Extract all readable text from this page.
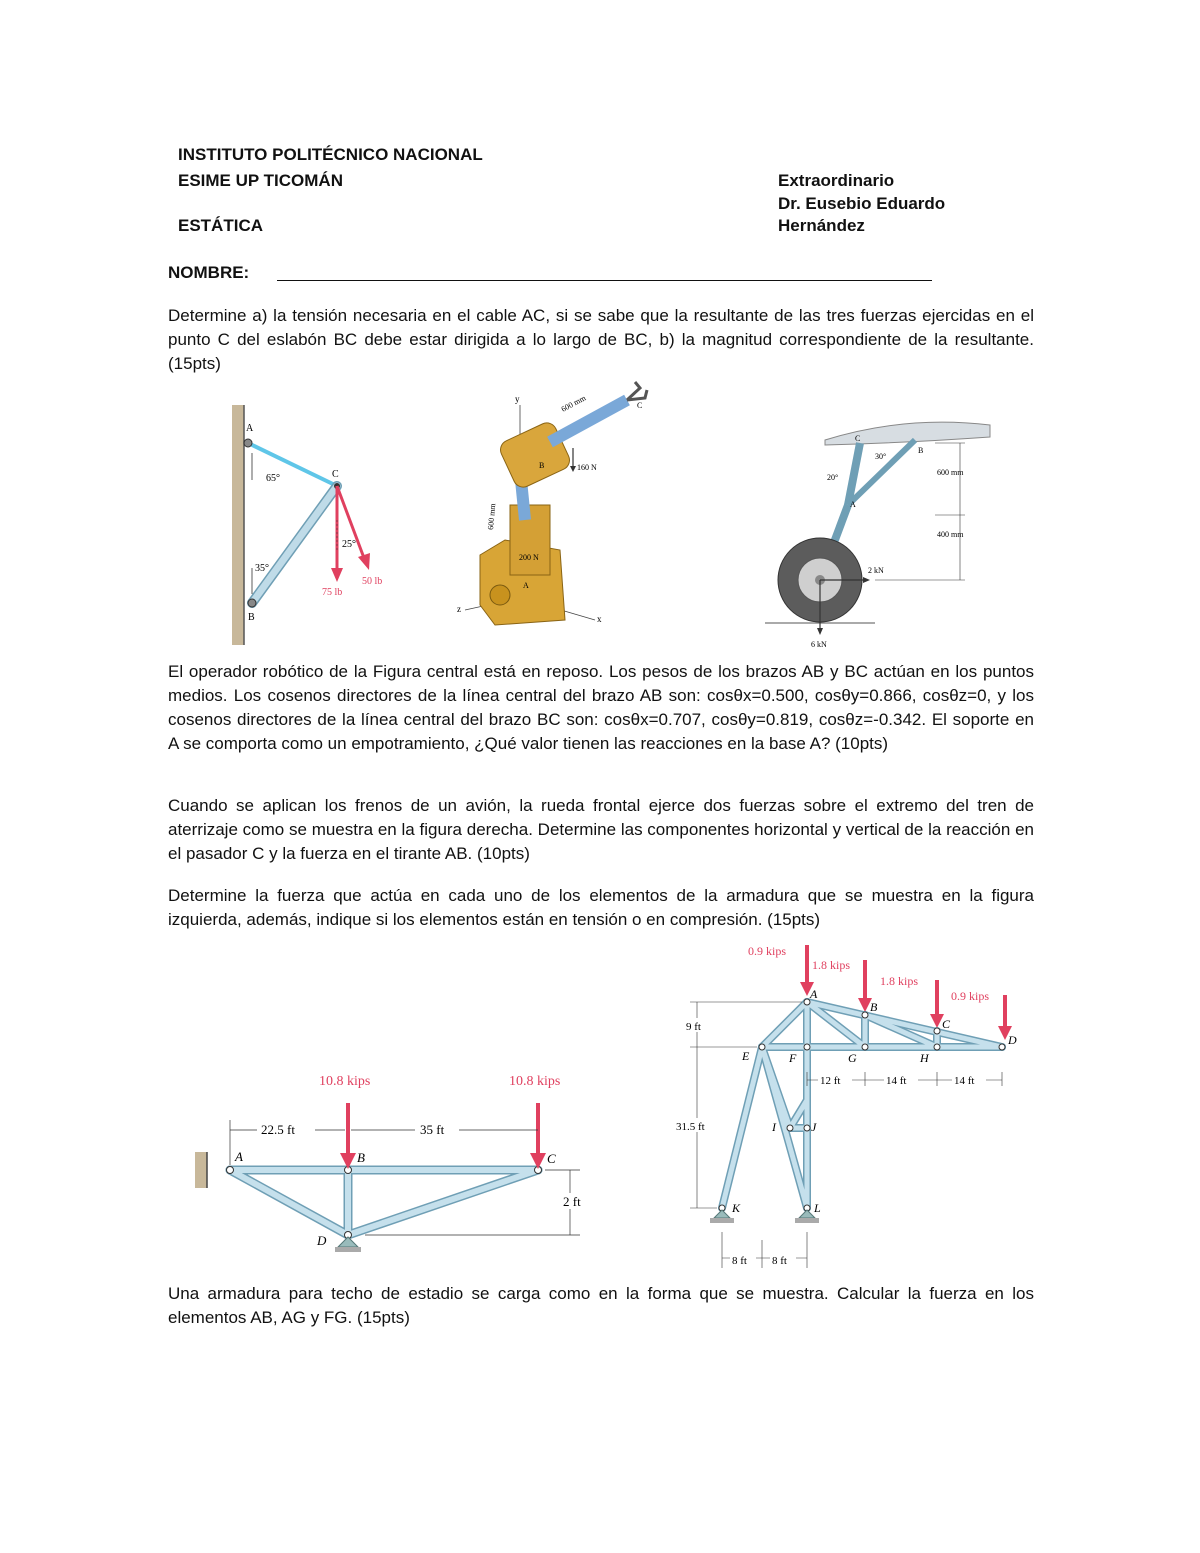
INSTITUTO POLITÉCNICO NACIONAL
ESIME UP TICOMÁN
ESTÁTICA
Extraordinario
Dr. Eusebio Eduardo
Hernández
NOMBRE:
Determine a) la tensión necesaria en el cable AC, si se sabe que la resultante de las tres fuerzas ejercidas en el punto C del eslabón BC debe estar dirigida a lo largo de BC, b) la magnitud correspondiente de la resultante. (15pts)
A
B
C
65°
35°
25°
75 lb
50 lb
y
x
z
160 N
200 N
600 mm
600 mm
B
C
A
C
B
A
30°
20°
600 mm
400 mm
2 kN
6 kN
El operador robótico de la Figura central está en reposo. Los pesos de los brazos AB y BC actúan en los puntos medios. Los cosenos directores de la línea central del brazo AB son: cosθx=0.500, cosθy=0.866, cosθz=0, y los cosenos directores de la línea central del brazo BC son: cosθx=0.707, cosθy=0.819, cosθz=-0.342. El soporte en A se comporta como un empotramiento, ¿Qué valor tienen las reacciones en la base A? (10pts)
Cuando se aplican los frenos de un avión, la rueda frontal ejerce dos fuerzas sobre el extremo del tren de aterrizaje como se muestra en la figura derecha. Determine las componentes horizontal y vertical de la reacción en el pasador C y la fuerza en el tirante AB. (10pts)
Determine la fuerza que actúa en cada uno de los elementos de la armadura que se muestra en la figura izquierda, además, indique si los elementos están en tensión o en compresión. (15pts)
10.8 kips	10.8 kips
22.5 ft	35 ft
2 ft
A	B	C
D
0.9 kips
1.8 kips
1.8 kips
0.9 kips
A
B
C
D
E	F	G	H
I	J
K	L
9 ft
31.5 ft
12 ft	14 ft	14 ft
8 ft 8 ft
Una armadura para techo de estadio se carga como en la forma que se muestra. Calcular la fuerza en los elementos AB, AG y FG. (15pts)
